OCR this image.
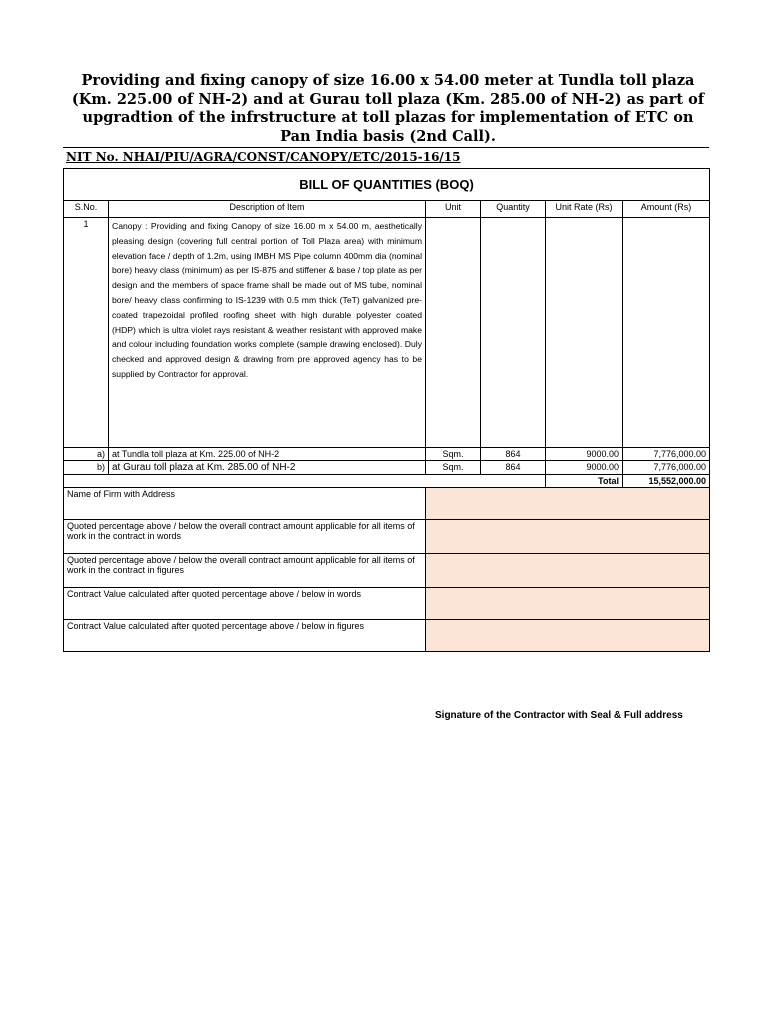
Providing and fixing canopy of size 16.00 x 54.00 meter at Tundla toll plaza (Km. 225.00 of NH-2) and at Gurau toll plaza (Km. 285.00 of NH-2) as part of upgradtion of the infrstructure at toll plazas for implementation of ETC on Pan India basis (2nd Call).
NIT No. NHAI/PIU/AGRA/CONST/CANOPY/ETC/2015-16/15
BILL OF QUANTITIES (BOQ)					
S.No.	Description of Item	Unit	Quantity	Unit Rate (Rs)	Amount (Rs)
1	Canopy : Providing and fixing Canopy of size 16.00 m x 54.00 m, aesthetically pleasing design (covering full central portion of Toll Plaza area) with minimum elevation face / depth of 1.2m, using IMBH MS Pipe column 400mm dia (nominal bore) heavy class (minimum) as per IS-875 and stiffener & base / top plate as per design and the members of space frame shall be made out of MS tube, nominal bore/ heavy class confirming to IS-1239 with 0.5 mm thick (TeT) galvanized pre-coated trapezoidal profiled roofing sheet with high durable polyester coated (HDP) which is ultra violet rays resistant & weather resistant with approved make and colour including foundation works complete (sample drawing enclosed). Duly checked and approved design & drawing from pre approved agency has to be supplied by Contractor for approval.				
a)	at Tundla toll plaza at Km. 225.00 of NH-2	Sqm.	864	9000.00	7,776,000.00
b)	at Gurau toll plaza at Km. 285.00 of NH-2	Sqm.	864	9000.00	7,776,000.00
				Total	15,552,000.00
Name of Firm with Address					
Quoted percentage above / below the overall contract amount applicable for all items of work in the contract in words					
Quoted percentage above / below the overall contract amount applicable for all items of work in the contract in figures					
Contract Value calculated after quoted percentage above / below in words					
Contract Value calculated after quoted percentage above / below in figures					
Signature of the Contractor with Seal & Full address
